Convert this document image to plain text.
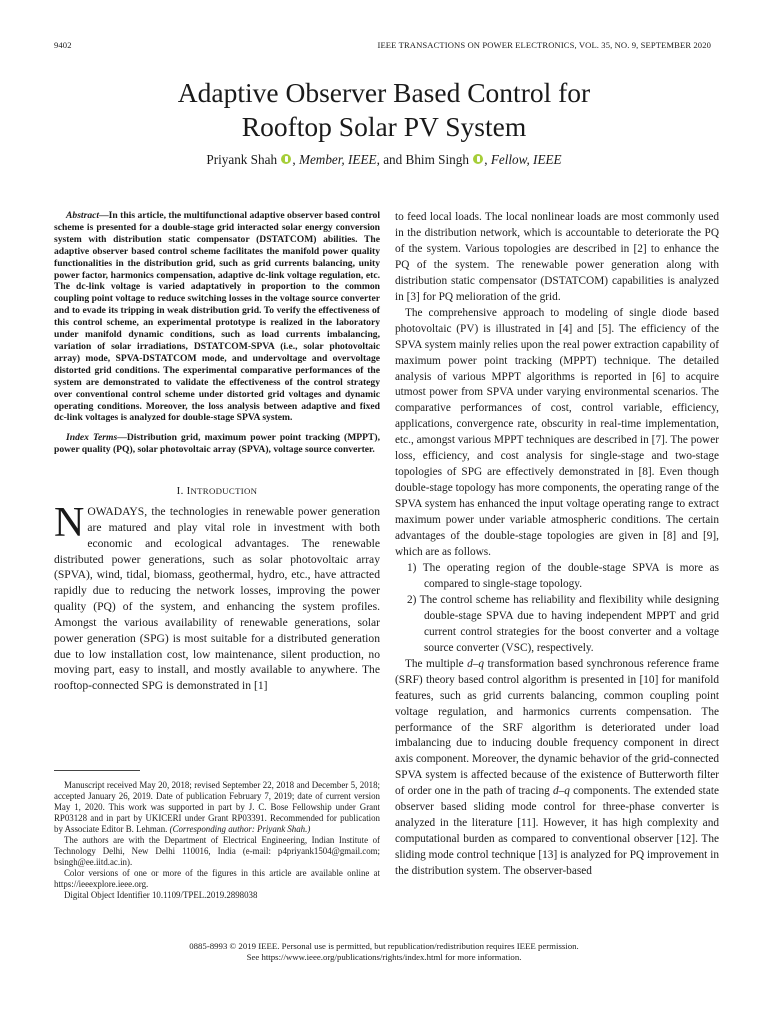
9402	IEEE TRANSACTIONS ON POWER ELECTRONICS, VOL. 35, NO. 9, SEPTEMBER 2020
Adaptive Observer Based Control for
Rooftop Solar PV System
Priyank Shah , Member, IEEE, and Bhim Singh , Fellow, IEEE

Abstract—In this article, the multifunctional adaptive observer based control scheme is presented for a double-stage grid interacted solar energy conversion system with distribution static compensator (DSTATCOM) abilities. The adaptive observer based control scheme facilitates the manifold power quality functionalities in the distribution grid, such as grid currents balancing, unity power factor, harmonics compensation, adaptive dc-link voltage regulation, etc. The dc-link voltage is varied adaptatively in proportion to the common coupling point voltage to reduce switching losses in the voltage source converter and to evade its tripping in weak distribution grid. To verify the effectiveness of this control scheme, an experimental prototype is realized in the laboratory under manifold dynamic conditions, such as load currents imbalancing, variation of solar irradiations, DSTATCOM-SPVA (i.e., solar photovoltaic array) mode, SPVA-DSTATCOM mode, and undervoltage and overvoltage distorted grid conditions. The experimental comparative performances of the system are demonstrated to validate the effectiveness of the control strategy over conventional control scheme under distorted grid voltages and dynamic operating conditions. Moreover, the loss analysis between adaptive and fixed dc-link voltages is analyzed for double-stage SPVA system.

Index Terms—Distribution grid, maximum power point tracking (MPPT), power quality (PQ), solar photovoltaic array (SPVA), voltage source converter.

I. INTRODUCTION

NOWADAYS, the technologies in renewable power generation are matured and play vital role in investment with both economic and ecological advantages. The renewable distributed power generations, such as solar photovoltaic array (SPVA), wind, tidal, biomass, geothermal, hydro, etc., have attracted rapidly due to reducing the network losses, improving the power quality (PQ) of the system, and enhancing the system profiles. Amongst the various availability of renewable generations, solar power generation (SPG) is most suitable for a distributed generation due to low installation cost, low maintenance, silent production, no moving part, easy to install, and mostly available to anywhere. The rooftop-connected SPG is demonstrated in [1]

Manuscript received May 20, 2018; revised September 22, 2018 and December 5, 2018; accepted January 26, 2019. Date of publication February 7, 2019; date of current version May 1, 2020. This work was supported in part by J. C. Bose Fellowship under Grant RP03128 and in part by UKICERI under Grant RP03391. Recommended for publication by Associate Editor B. Lehman. (Corresponding author: Priyank Shah.)

The authors are with the Department of Electrical Engineering, Indian Institute of Technology Delhi, New Delhi 110016, India (e-mail: p4priyank1504@gmail.com; bsingh@ee.iitd.ac.in).

Color versions of one or more of the figures in this article are available online at https://ieeexplore.ieee.org.

Digital Object Identifier 10.1109/TPEL.2019.2898038

to feed local loads. The local nonlinear loads are most commonly used in the distribution network, which is accountable to deteriorate the PQ of the system. Various topologies are described in [2] to enhance the PQ of the system. The renewable power generation along with distribution static compensator (DSTATCOM) capabilities is analyzed in [3] for PQ melioration of the grid.

The comprehensive approach to modeling of single diode based photovoltaic (PV) is illustrated in [4] and [5]. The efficiency of the SPVA system mainly relies upon the real power extraction capability of maximum power point tracking (MPPT) technique. The detailed analysis of various MPPT algorithms is reported in [6] to acquire utmost power from SPVA under varying environmental scenarios. The comparative performances of cost, control variable, efficiency, applications, convergence rate, obscurity in real-time implementation, etc., amongst various MPPT techniques are described in [7]. The power loss, efficiency, and cost analysis for single-stage and two-stage topologies of SPG are effectively demonstrated in [8]. Even though double-stage topology has more components, the operating range of the SPVA system has enhanced the input voltage operating range to extract maximum power under variable atmospheric conditions. The certain advantages of the double-stage topologies are given in [8] and [9], which are as follows.

1) The operating region of the double-stage SPVA is more as compared to single-stage topology.

2) The control scheme has reliability and flexibility while designing double-stage SPVA due to having independent MPPT and grid current control strategies for the boost converter and a voltage source converter (VSC), respectively.

The multiple d–q transformation based synchronous reference frame (SRF) theory based control algorithm is presented in [10] for manifold features, such as grid currents balancing, common coupling point voltage regulation, and harmonics currents compensation. The performance of the SRF algorithm is deteriorated under load imbalancing due to inducing double frequency component in direct axis component. Moreover, the dynamic behavior of the grid-connected SPVA system is affected because of the existence of Butterworth filter of order one in the path of tracing d–q components. The extended state observer based sliding mode control for three-phase converter is analyzed in the literature [11]. However, it has high complexity and computational burden as compared to conventional observer [12]. The sliding mode control technique [13] is analyzed for PQ improvement in the distribution system. The observer-based

0885-8993 © 2019 IEEE. Personal use is permitted, but republication/redistribution requires IEEE permission.
See https://www.ieee.org/publications/rights/index.html for more information.
